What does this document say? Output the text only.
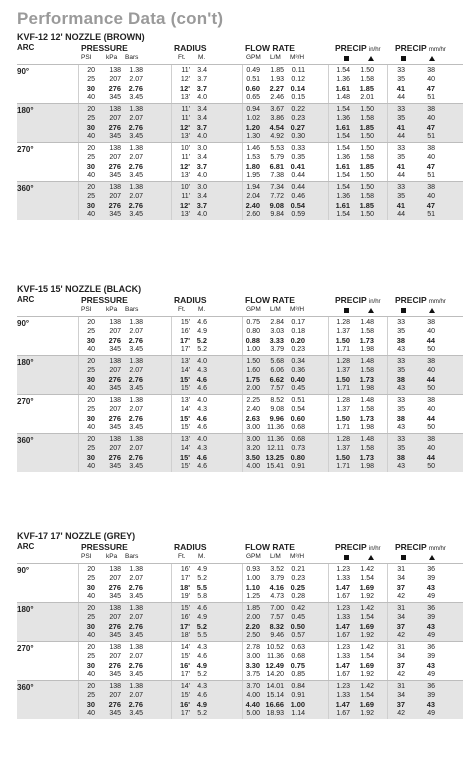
Performance Data (con't)
KVF-12 12' NOZZLE (BROWN)
ARC	PRESSURE
PSI kPa Bars
RADIUS
Ft. M.
FLOW RATE
GPM L/M M³/H
PRECIP in/hr PRECIP mm/hr
90°	20 138 1.38	11' 3.4	0.49 1.85 0.11	1.54 1.50	33	38
25 207 2.07	12' 3.7	0.51 1.93 0.12	1.36 1.58	35	40
30 276 2.76	12' 3.7	0.60 2.27 0.14	1.61 1.85	41	47
40 345 3.45	13' 4.0	0.65 2.46 0.15	1.48 2.01	44	51
180°	20 138 1.38	11' 3.4	0.94 3.67 0.22	1.54 1.50	33	38
25 207 2.07	11' 3.4	1.02 3.86 0.23	1.36 1.58	35	40
30 276 2.76	12' 3.7	1.20 4.54 0.27	1.61 1.85	41	47
40 345 3.45	13' 4.0	1.30 4.92 0.30	1.54 1.50	44	51
270°	20 138 1.38	10' 3.0	1.46 5.53 0.33	1.54 1.50	33	38
25 207 2.07	11' 3.4	1.53 5.79 0.35	1.36 1.58	35	40
30 276 2.76	12' 3.7	1.80 6.81 0.41	1.61 1.85	41	47
40 345 3.45	13' 4.0	1.95 7.38 0.44	1.54 1.50	44	51
360°	20 138 1.38	10' 3.0	1.94 7.34 0.44	1.54 1.50	33	38
25 207 2.07	11' 3.4	2.04 7.72 0.46	1.36 1.58	35	40
30 276 2.76	12' 3.7	2.40 9.08 0.54	1.61 1.85	41	47
40 345 3.45	13' 4.0	2.60 9.84 0.59	1.54 1.50	44	51
KVF-15 15' NOZZLE (BLACK)
ARC	PRESSURE
PSI kPa Bars
RADIUS
Ft. M.
FLOW RATE
GPM L/M M³/H
PRECIP in/hr PRECIP mm/hr
90°	20 138 1.38	15' 4.6	0.75 2.84 0.17	1.28 1.48	33	38
25 207 2.07	16' 4.9	0.80 3.03 0.18	1.37 1.58	35	40
30 276 2.76	17' 5.2	0.88 3.33 0.20	1.50 1.73	38	44
40 345 3.45	17' 5.2	1.00 3.79 0.23	1.71 1.98	43	50
180°	20 138 1.38	13' 4.0	1.50 5.68 0.34	1.28 1.48	33	38
25 207 2.07	14' 4.3	1.60 6.06 0.36	1.37 1.58	35	40
30 276 2.76	15' 4.6	1.75 6.62 0.40	1.50 1.73	38	44
40 345 3.45	15' 4.6	2.00 7.57 0.45	1.71 1.98	43	50
270°	20 138 1.38	13' 4.0	2.25 8.52 0.51	1.28 1.48	33	38
25 207 2.07	14' 4.3	2.40 9.08 0.54	1.37 1.58	35	40
30 276 2.76	15' 4.6	2.63 9.96 0.60	1.50 1.73	38	44
40 345 3.45	15' 4.6	3.00 11.36 0.68	1.71 1.98	43	50
360°	20 138 1.38	13' 4.0	3.00 11.36 0.68	1.28 1.48	33	38
25 207 2.07	14' 4.3	3.20 12.11 0.73	1.37 1.58	35	40
30 276 2.76	15' 4.6	3.50 13.25 0.80	1.50 1.73	38	44
40 345 3.45	15' 4.6	4.00 15.41 0.91	1.71 1.98	43	50
KVF-17 17' NOZZLE (GREY)
ARC	PRESSURE
PSI kPa Bars
RADIUS
Ft. M.
FLOW RATE
GPM L/M M³/H
PRECIP in/hr PRECIP mm/hr
90°	20 138 1.38	16' 4.9	0.93 3.52 0.21	1.23 1.42	31	36
25 207 2.07	17' 5.2	1.00 3.79 0.23	1.33 1.54	34	39
30 276 2.76	18' 5.5	1.10 4.16 0.25	1.47 1.69	37	43
40 345 3.45	19' 5.8	1.25 4.73 0.28	1.67 1.92	42	49
180°	20 138 1.38	15' 4.6	1.85 7.00 0.42	1.23 1.42	31	36
25 207 2.07	16' 4.9	2.00 7.57 0.45	1.33 1.54	34	39
30 276 2.76	17' 5.2	2.20 8.32 0.50	1.47 1.69	37	43
40 345 3.45	18' 5.5	2.50 9.46 0.57	1.67 1.92	42	49
270°	20 138 1.38	14' 4.3	2.78 10.52 0.63	1.23 1.42	31	36
25 207 2.07	15' 4.6	3.00 11.36 0.68	1.33 1.54	34	39
30 276 2.76	16' 4.9	3.30 12.49 0.75	1.47 1.69	37	43
40 345 3.45	17' 5.2	3.75 14.20 0.85	1.67 1.92	42	49
360°	20 138 1.38	14' 4.3	3.70 14.01 0.84	1.23 1.42	31	36
25 207 2.07	15' 4.6	4.00 15.14 0.91	1.33 1.54	34	39
30 276 2.76	16' 4.9	4.40 16.66 1.00	1.47 1.69	37	43
40 345 3.45	17' 5.2	5.00 18.93 1.14	1.67 1.92	42	49
